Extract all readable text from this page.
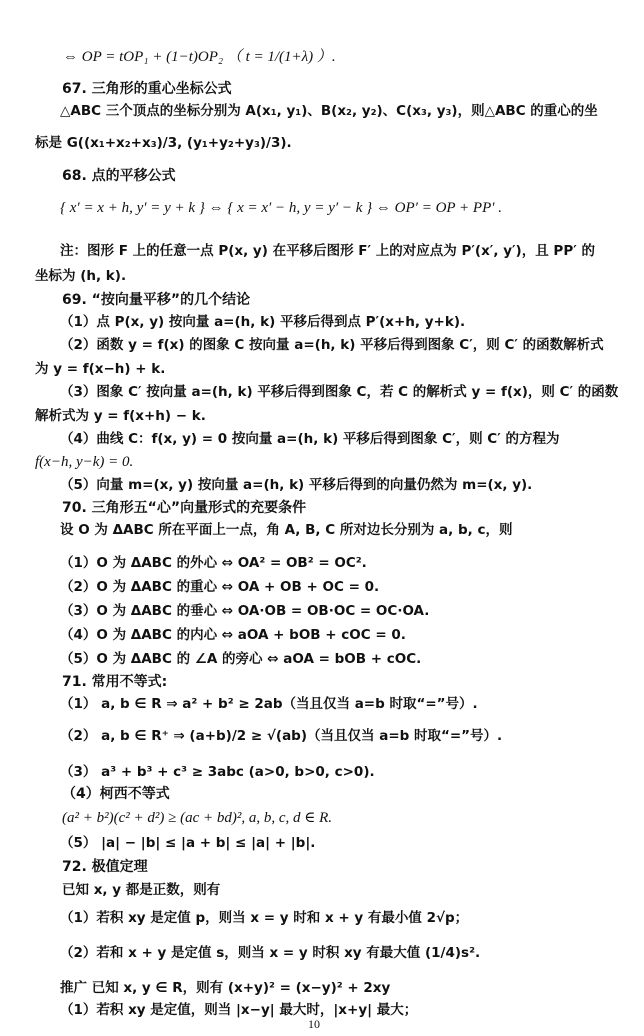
⇔ OP = tOP₁ + (1−t)OP₂ （ t = 1/(1+λ) ）.
67. 三角形的重心坐标公式
△ABC 三个顶点的坐标分别为 A(x₁, y₁)、B(x₂, y₂)、C(x₃, y₃)，则△ABC 的重心的坐
标是 G((x₁+x₂+x₃)/3, (y₁+y₂+y₃)/3).
68. 点的平移公式
{ x′ = x + h, y′ = y + k } ⇔ { x = x′ − h, y = y′ − k } ⇔ OP′ = OP + PP′ .
注：图形 F 上的任意一点 P(x, y) 在平移后图形 F′ 上的对应点为 P′(x′, y′)，且 PP′ 的
坐标为 (h, k).
69. “按向量平移”的几个结论
（1）点 P(x, y) 按向量 a=(h, k) 平移后得到点 P′(x+h, y+k).
（2）函数 y = f(x) 的图象 C 按向量 a=(h, k) 平移后得到图象 C′，则 C′ 的函数解析式
为 y = f(x−h) + k.
（3）图象 C′ 按向量 a=(h, k) 平移后得到图象 C，若 C 的解析式 y = f(x)，则 C′ 的函数
解析式为 y = f(x+h) − k.
（4）曲线 C：f(x, y) = 0 按向量 a=(h, k) 平移后得到图象 C′，则 C′ 的方程为
f(x−h, y−k) = 0.
（5）向量 m=(x, y) 按向量 a=(h, k) 平移后得到的向量仍然为 m=(x, y).
70. 三角形五“心”向量形式的充要条件
设 O 为 ΔABC 所在平面上一点，角 A, B, C 所对边长分别为 a, b, c，则
（1）O 为 ΔABC 的外心 ⇔ OA² = OB² = OC².
（2）O 为 ΔABC 的重心 ⇔ OA + OB + OC = 0.
（3）O 为 ΔABC 的垂心 ⇔ OA·OB = OB·OC = OC·OA.
（4）O 为 ΔABC 的内心 ⇔ aOA + bOB + cOC = 0.
（5）O 为 ΔABC 的 ∠A 的旁心 ⇔ aOA = bOB + cOC.
71. 常用不等式:
（1） a, b ∈ R ⇒ a² + b² ≥ 2ab（当且仅当 a=b 时取“=”号）.
（2） a, b ∈ R⁺ ⇒ (a+b)/2 ≥ √(ab)（当且仅当 a=b 时取“=”号）.
（3） a³ + b³ + c³ ≥ 3abc (a>0, b>0, c>0).
（4）柯西不等式
(a² + b²)(c² + d²) ≥ (ac + bd)², a, b, c, d ∈ R.
（5） |a| − |b| ≤ |a + b| ≤ |a| + |b|.
72. 极值定理
已知 x, y 都是正数，则有
（1）若积 xy 是定值 p，则当 x = y 时和 x + y 有最小值 2√p；
（2）若和 x + y 是定值 s，则当 x = y 时积 xy 有最大值 (1/4)s².
推广 已知 x, y ∈ R，则有 (x+y)² = (x−y)² + 2xy
（1）若积 xy 是定值，则当 |x−y| 最大时，|x+y| 最大；
10
